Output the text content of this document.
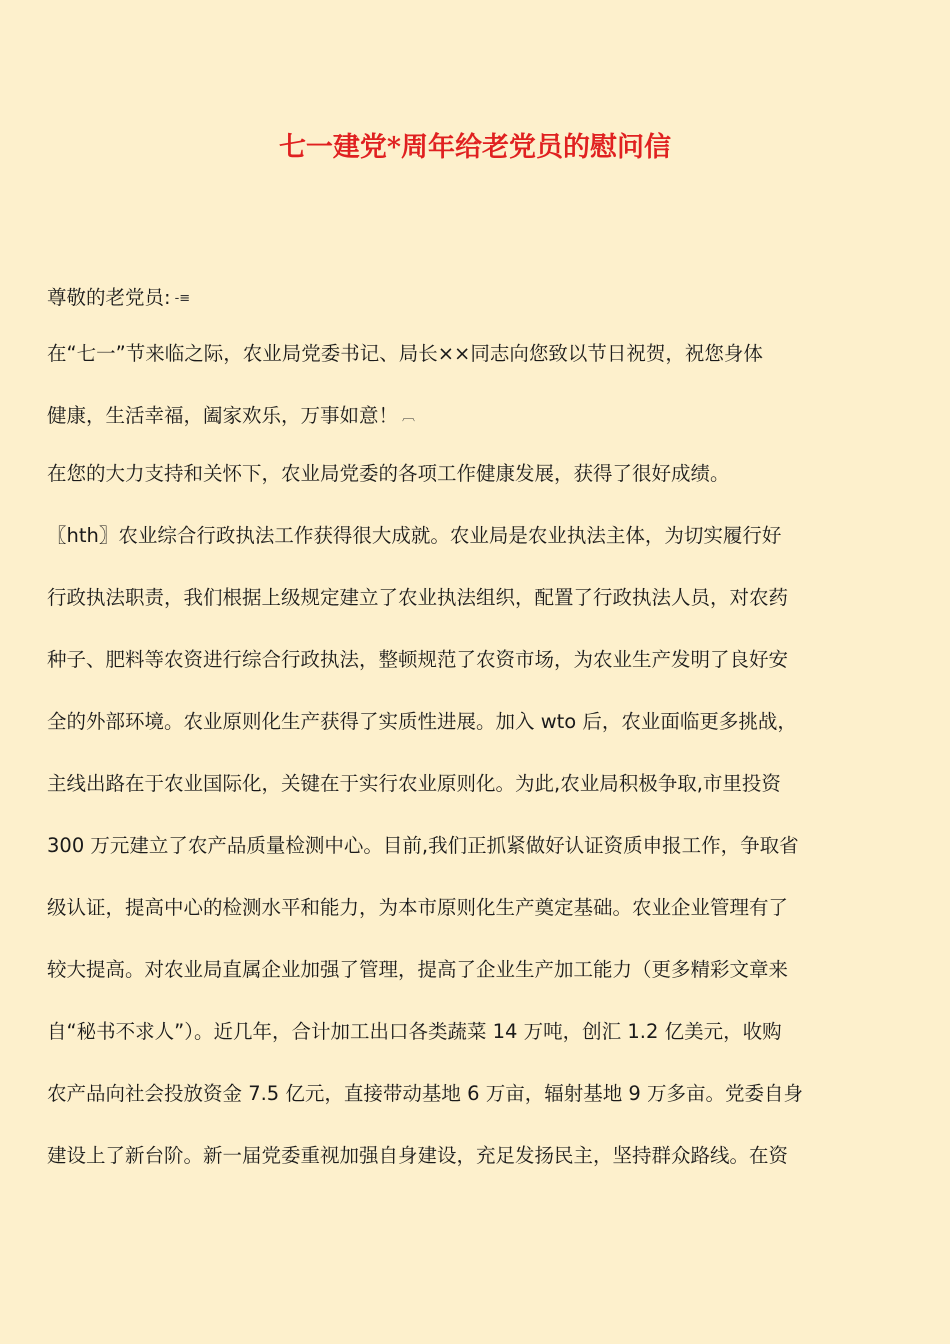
七一建党*周年给老党员的慰问信
尊敬的老党员: -≡
在“七一”节来临之际，农业局党委书记、局长××同志向您致以节日祝贺，祝您身体
健康，生活幸福，阖家欢乐，万事如意！ ︹
在您的大力支持和关怀下，农业局党委的各项工作健康发展，获得了很好成绩。
〖hth〗农业综合行政执法工作获得很大成就。农业局是农业执法主体，为切实履行好
行政执法职责，我们根据上级规定建立了农业执法组织，配置了行政执法人员，对农药
种子、肥料等农资进行综合行政执法，整顿规范了农资市场，为农业生产发明了良好安
全的外部环境。农业原则化生产获得了实质性进展。加入 wto 后，农业面临更多挑战，
主线出路在于农业国际化，关键在于实行农业原则化。为此,农业局积极争取,市里投资
300 万元建立了农产品质量检测中心。目前,我们正抓紧做好认证资质申报工作，争取省
级认证，提高中心的检测水平和能力，为本市原则化生产奠定基础。农业企业管理有了
较大提高。对农业局直属企业加强了管理，提高了企业生产加工能力（更多精彩文章来
自“秘书不求人”）。近几年，合计加工出口各类蔬菜 14 万吨，创汇 1.2 亿美元，收购
农产品向社会投放资金 7.5 亿元，直接带动基地 6 万亩，辐射基地 9 万多亩。党委自身
建设上了新台阶。新一届党委重视加强自身建设，充足发扬民主，坚持群众路线。在资
